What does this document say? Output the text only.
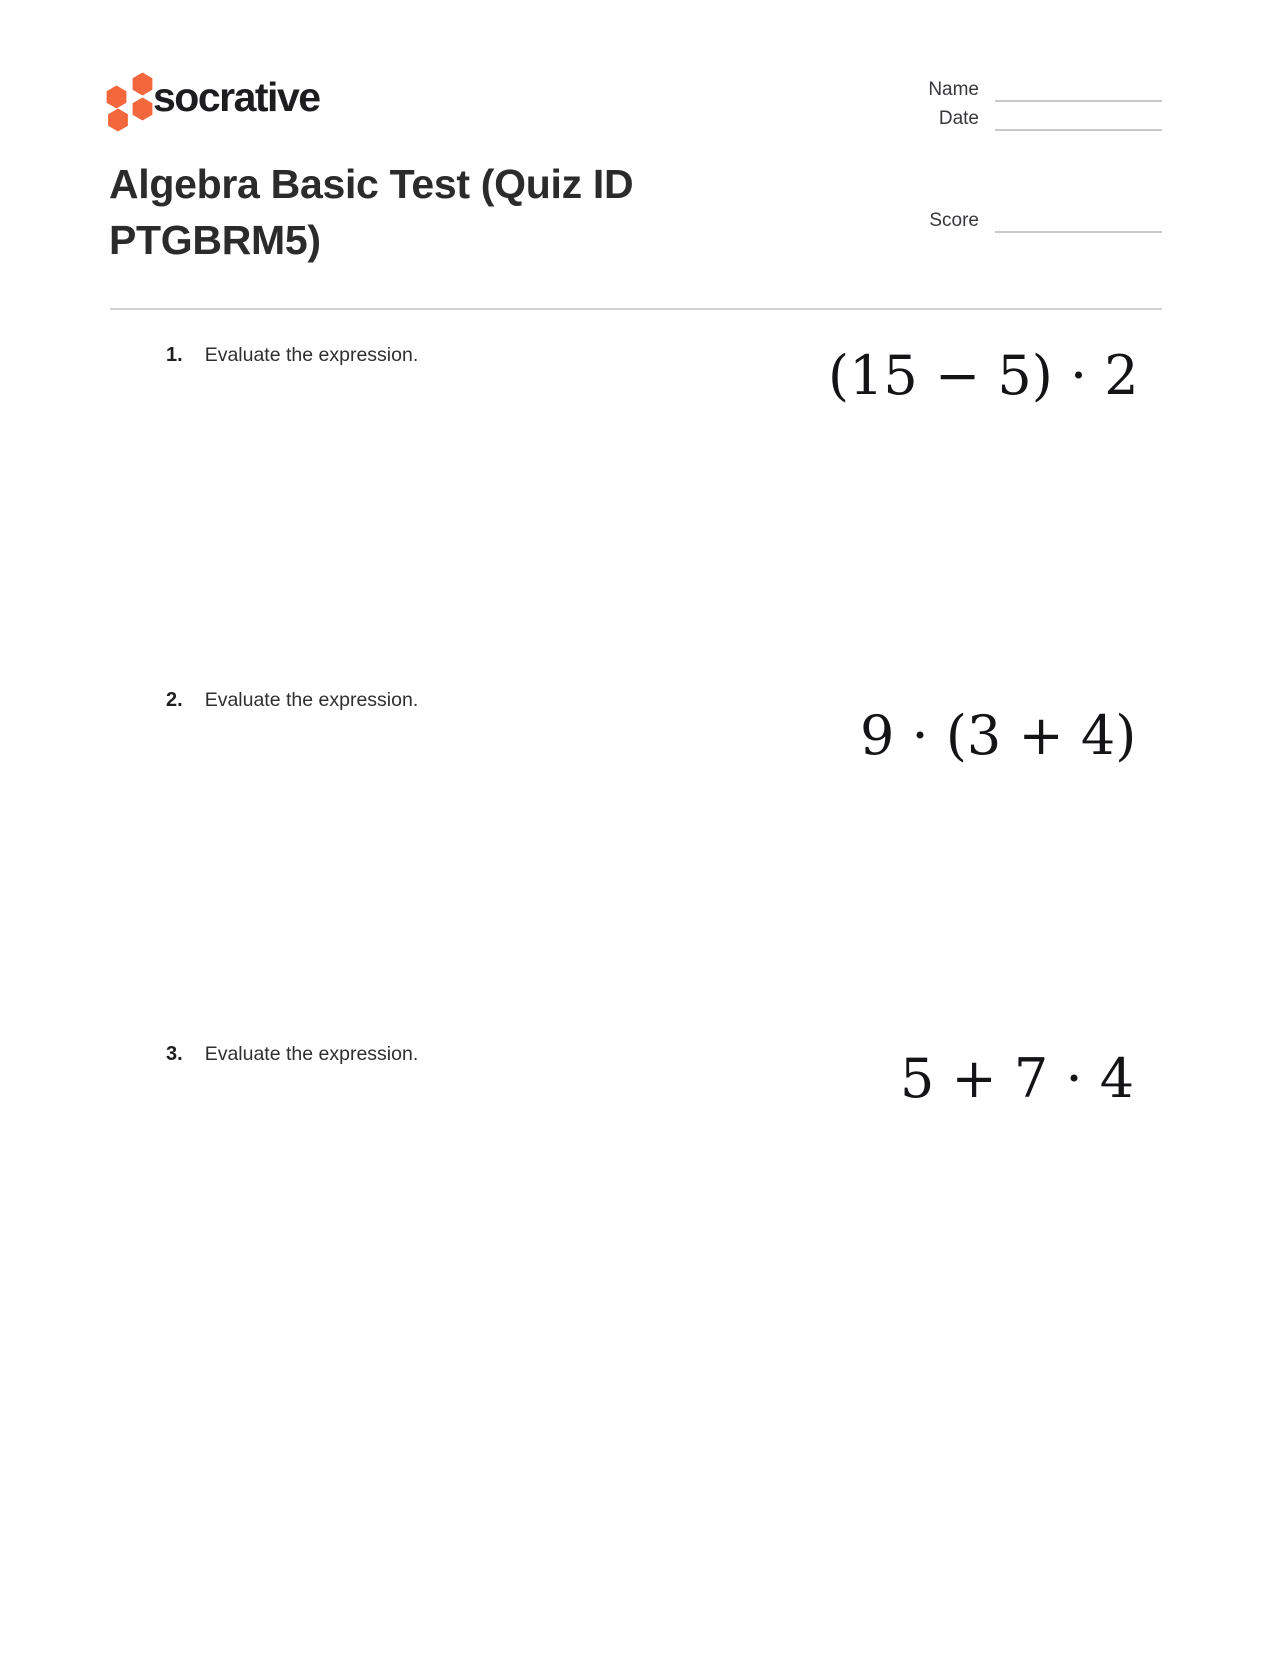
socrative	Name
Date
Score
Algebra Basic Test (Quiz ID PTGBRM5)
1. Evaluate the expression.	(15 − 5) · 2
2. Evaluate the expression.
9 · (3 + 4)
3. Evaluate the expression.	5 + 7 · 4
